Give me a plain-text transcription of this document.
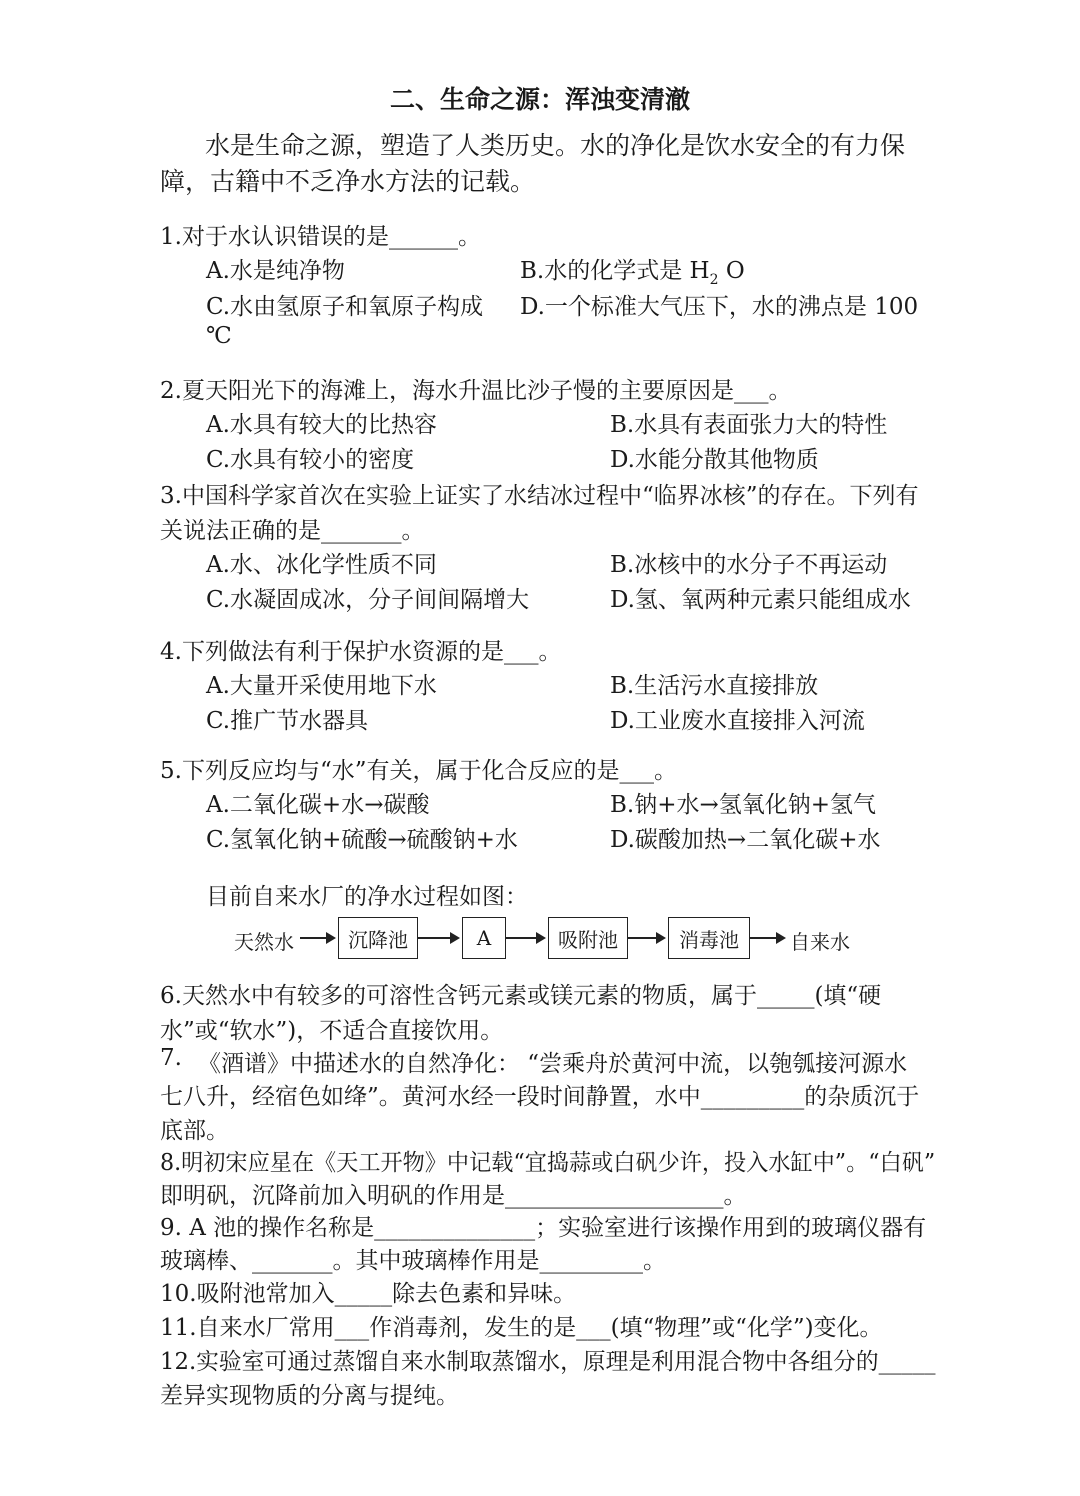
二、生命之源：浑浊变清澈
水是生命之源，塑造了人类历史。水的净化是饮水安全的有力保
障，古籍中不乏净水方法的记载。
1.对于水认识错误的是______。
A.水是纯净物	B.水的化学式是 $H_2$ O
C.水由氢原子和氧原子构成 D.一个标准大气压下，水的沸点是 100
℃
2.夏天阳光下的海滩上，海水升温比沙子慢的主要原因是___。
A.水具有较大的比热容	B.水具有表面张力大的特性
C.水具有较小的密度	D.水能分散其他物质
3.中国科学家首次在实验上证实了水结冰过程中“临界冰核”的存在。下列有
关说法正确的是_______。
A.水、冰化学性质不同	B.冰核中的水分子不再运动
C.水凝固成冰，分子间间隔增大	D.氢、氧两种元素只能组成水
4.下列做法有利于保护水资源的是___。
A.大量开采使用地下水	B.生活污水直接排放
C.推广节水器具	D.工业废水直接排入河流
5.下列反应均与“水”有关，属于化合反应的是___。
A.二氧化碳+水→碳酸	B.钠+水→氢氧化钠+氢气
C.氢氧化钠+硫酸→硫酸钠+水	D.碳酸加热→二氧化碳+水
目前自来水厂的净水过程如图：
天然水	沉降池	A	吸附池	消毒池	自来水
6.天然水中有较多的可溶性含钙元素或镁元素的物质，属于_____(填“硬
水”或“软水”)，不适合直接饮用。
7. 《酒谱》中描述水的自然净化： “尝乘舟於黄河中流，以匏瓠接河源水
七八升，经宿色如绛”。黄河水经一段时间静置，水中_________的杂质沉于
底部。
8.明初宋应星在《天工开物》中记载“宜捣蒜或白矾少许，投入水缸中”。“白矾”
即明矾，沉降前加入明矾的作用是___________________。
9. A 池的操作名称是______________；实验室进行该操作用到的玻璃仪器有
玻璃棒、_______。其中玻璃棒作用是_________。
10.吸附池常加入_____除去色素和异味。
11.自来水厂常用___作消毒剂，发生的是___(填“物理”或“化学”)变化。
12.实验室可通过蒸馏自来水制取蒸馏水，原理是利用混合物中各组分的_____
差异实现物质的分离与提纯。
